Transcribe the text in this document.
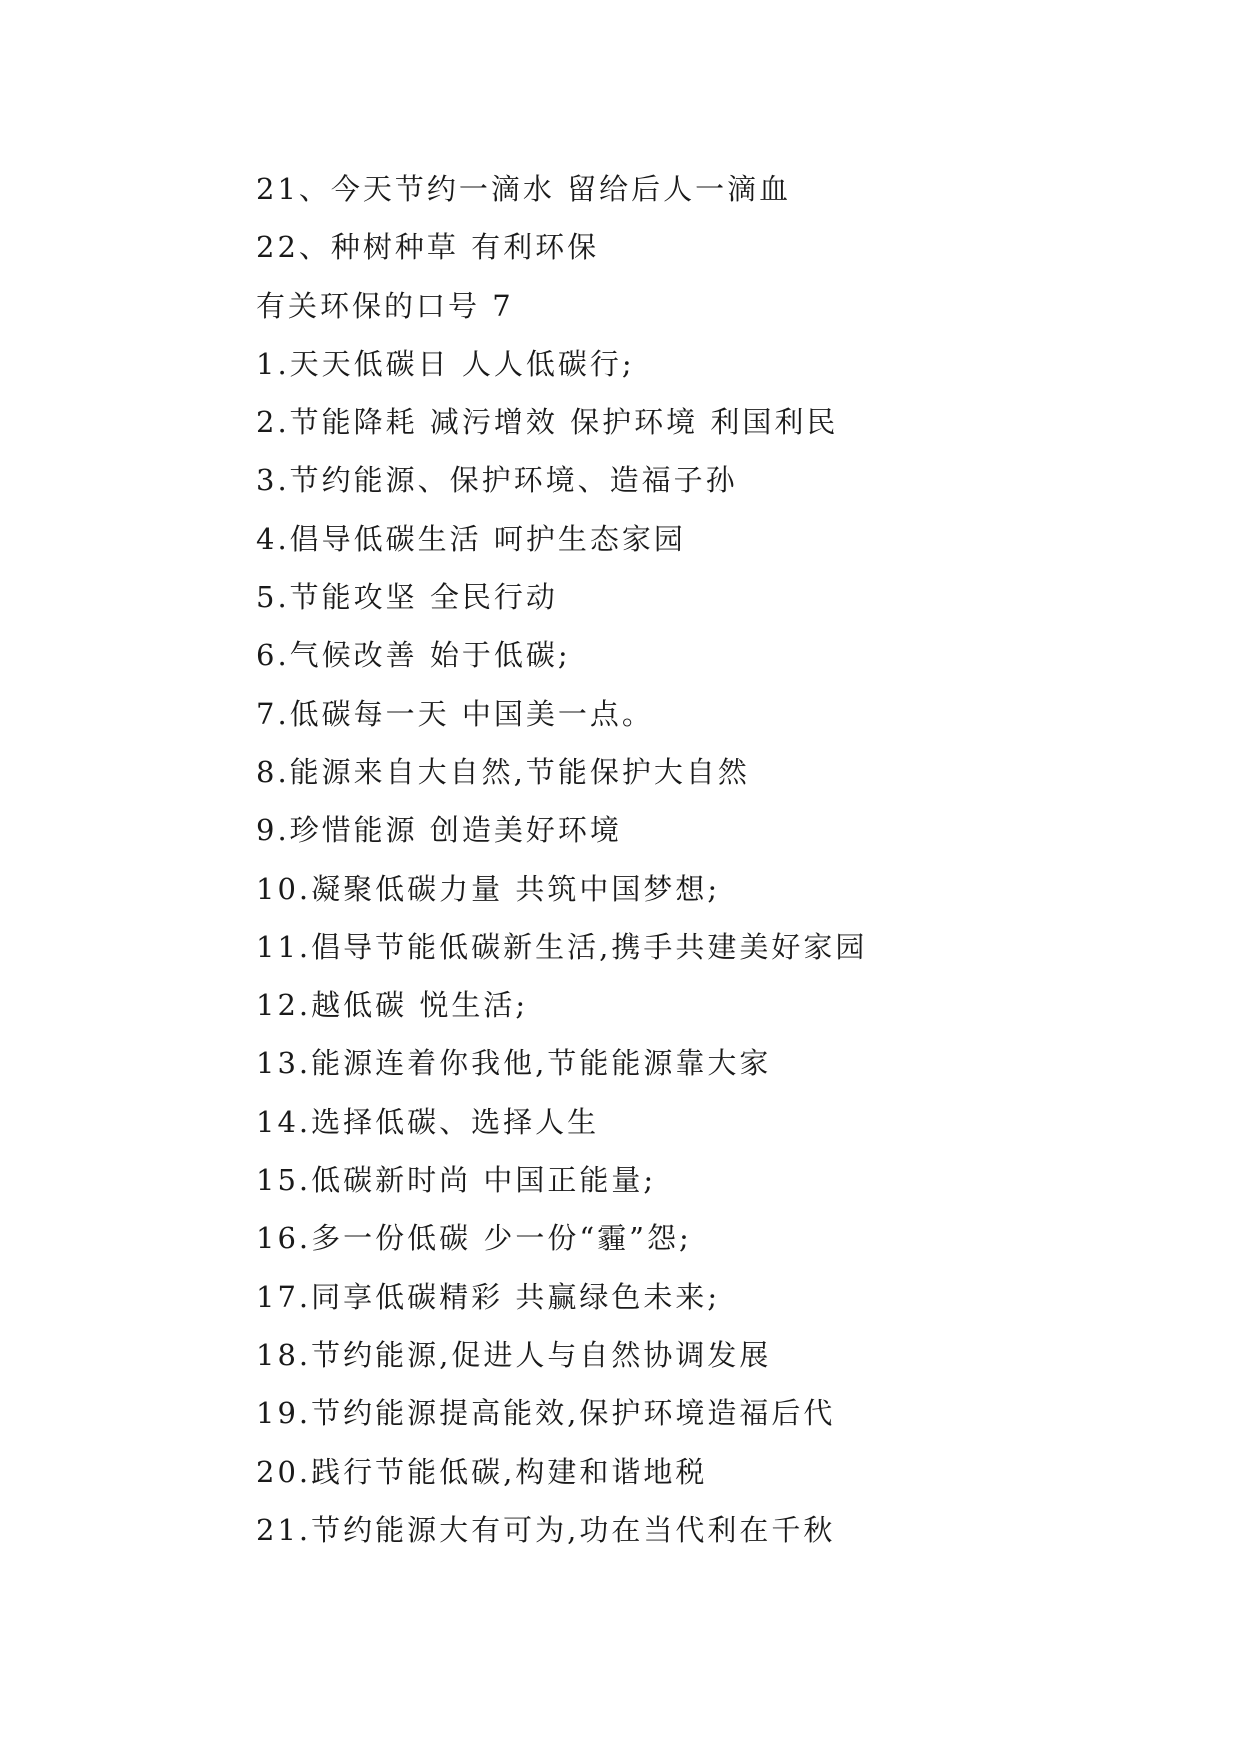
21、今天节约一滴水 留给后人一滴血
22、种树种草 有利环保
有关环保的口号 7
1.天天低碳日 人人低碳行;
2.节能降耗 减污增效 保护环境 利国利民
3.节约能源、保护环境、造福子孙
4.倡导低碳生活 呵护生态家园
5.节能攻坚 全民行动
6.气候改善 始于低碳;
7.低碳每一天 中国美一点。
8.能源来自大自然,节能保护大自然
9.珍惜能源 创造美好环境
10.凝聚低碳力量 共筑中国梦想;
11.倡导节能低碳新生活,携手共建美好家园
12.越低碳 悦生活;
13.能源连着你我他,节能能源靠大家
14.选择低碳、选择人生
15.低碳新时尚 中国正能量;
16.多一份低碳 少一份“霾”怨;
17.同享低碳精彩 共赢绿色未来;
18.节约能源,促进人与自然协调发展
19.节约能源提高能效,保护环境造福后代
20.践行节能低碳,构建和谐地税
21.节约能源大有可为,功在当代利在千秋
